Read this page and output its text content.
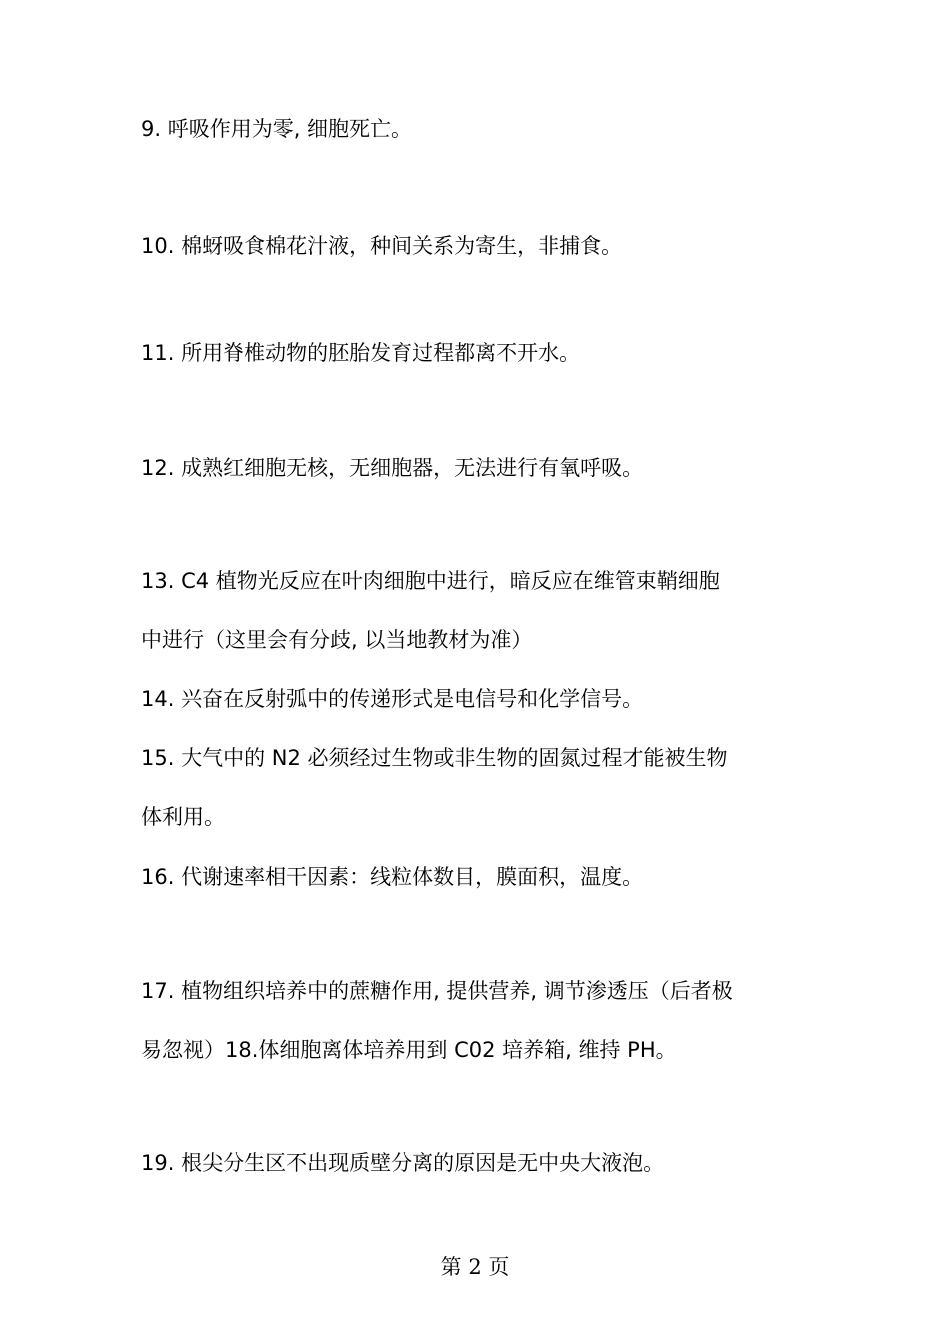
9. 呼吸作用为零, 细胞死亡。
10. 棉蚜吸食棉花汁液，种间关系为寄生，非捕食。
11. 所用脊椎动物的胚胎发育过程都离不开水。
12. 成熟红细胞无核，无细胞器，无法进行有氧呼吸。
13. C4 植物光反应在叶肉细胞中进行，暗反应在维管束鞘细胞
中进行（这里会有分歧, 以当地教材为准）
14. 兴奋在反射弧中的传递形式是电信号和化学信号。
15. 大气中的 N2 必须经过生物或非生物的固氮过程才能被生物
体利用。
16. 代谢速率相干因素：线粒体数目，膜面积，温度。
17. 植物组织培养中的蔗糖作用, 提供营养, 调节渗透压（后者极
易忽视）18.体细胞离体培养用到 C02 培养箱, 维持 PH。
19. 根尖分生区不出现质壁分离的原因是无中央大液泡。
第 2 页
